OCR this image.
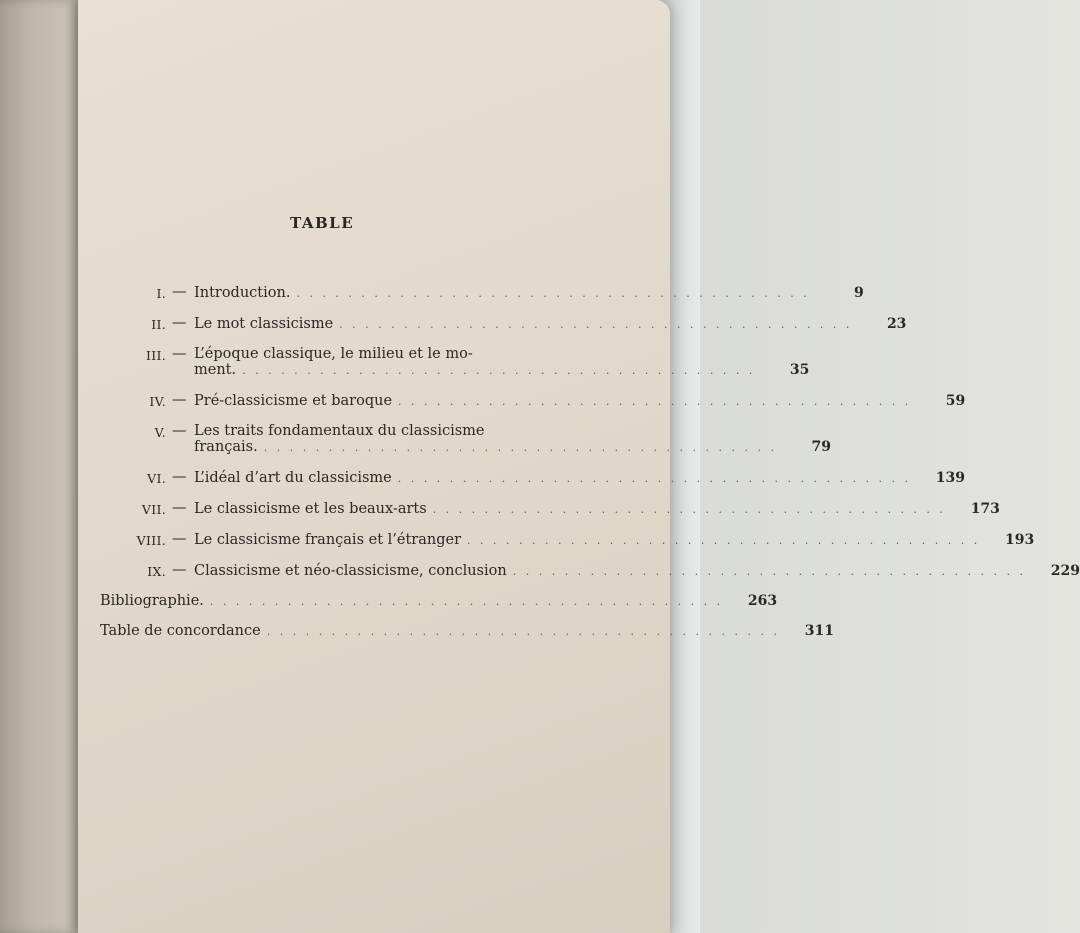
TABLE
I. — Introduction. . . . . . . . . . . . . . . . . . . . . . . . . . . . . . . . . . . . . . . . .	9
II. — Le mot classicisme . . . . . . . . . . . . . . . . . . . . . . . . . . . . . . . . . . . . . . . .	23
III. — L’époque classique, le milieu et le mo-
ment. . . . . . . . . . . . . . . . . . . . . . . . . . . . . . . . . . . . . . . . .	35
IV. — Pré-classicisme et baroque . . . . . . . . . . . . . . . . . . . . . . . . . . . . . . . . . . . . . . . .	59
V. — Les traits fondamentaux du classicisme
français. . . . . . . . . . . . . . . . . . . . . . . . . . . . . . . . . . . . . . . . .	79
VI. — L’idéal d’art du classicisme . . . . . . . . . . . . . . . . . . . . . . . . . . . . . . . . . . . . . . . .	139
VII. — Le classicisme et les beaux-arts . . . . . . . . . . . . . . . . . . . . . . . . . . . . . . . . . . . . . . . .	173
VIII. — Le classicisme français et l’étranger . . . . . . . . . . . . . . . . . . . . . . . . . . . . . . . . . . . . . . . .	193
IX. — Classicisme et néo-classicisme, conclusion . . . . . . . . . . . . . . . . . . . . . . . . . . . . . . . . . . . . . . . .	229
Bibliographie. . . . . . . . . . . . . . . . . . . . . . . . . . . . . . . . . . . . . . . . .	263
Table de concordance . . . . . . . . . . . . . . . . . . . . . . . . . . . . . . . . . . . . . . . .	311
